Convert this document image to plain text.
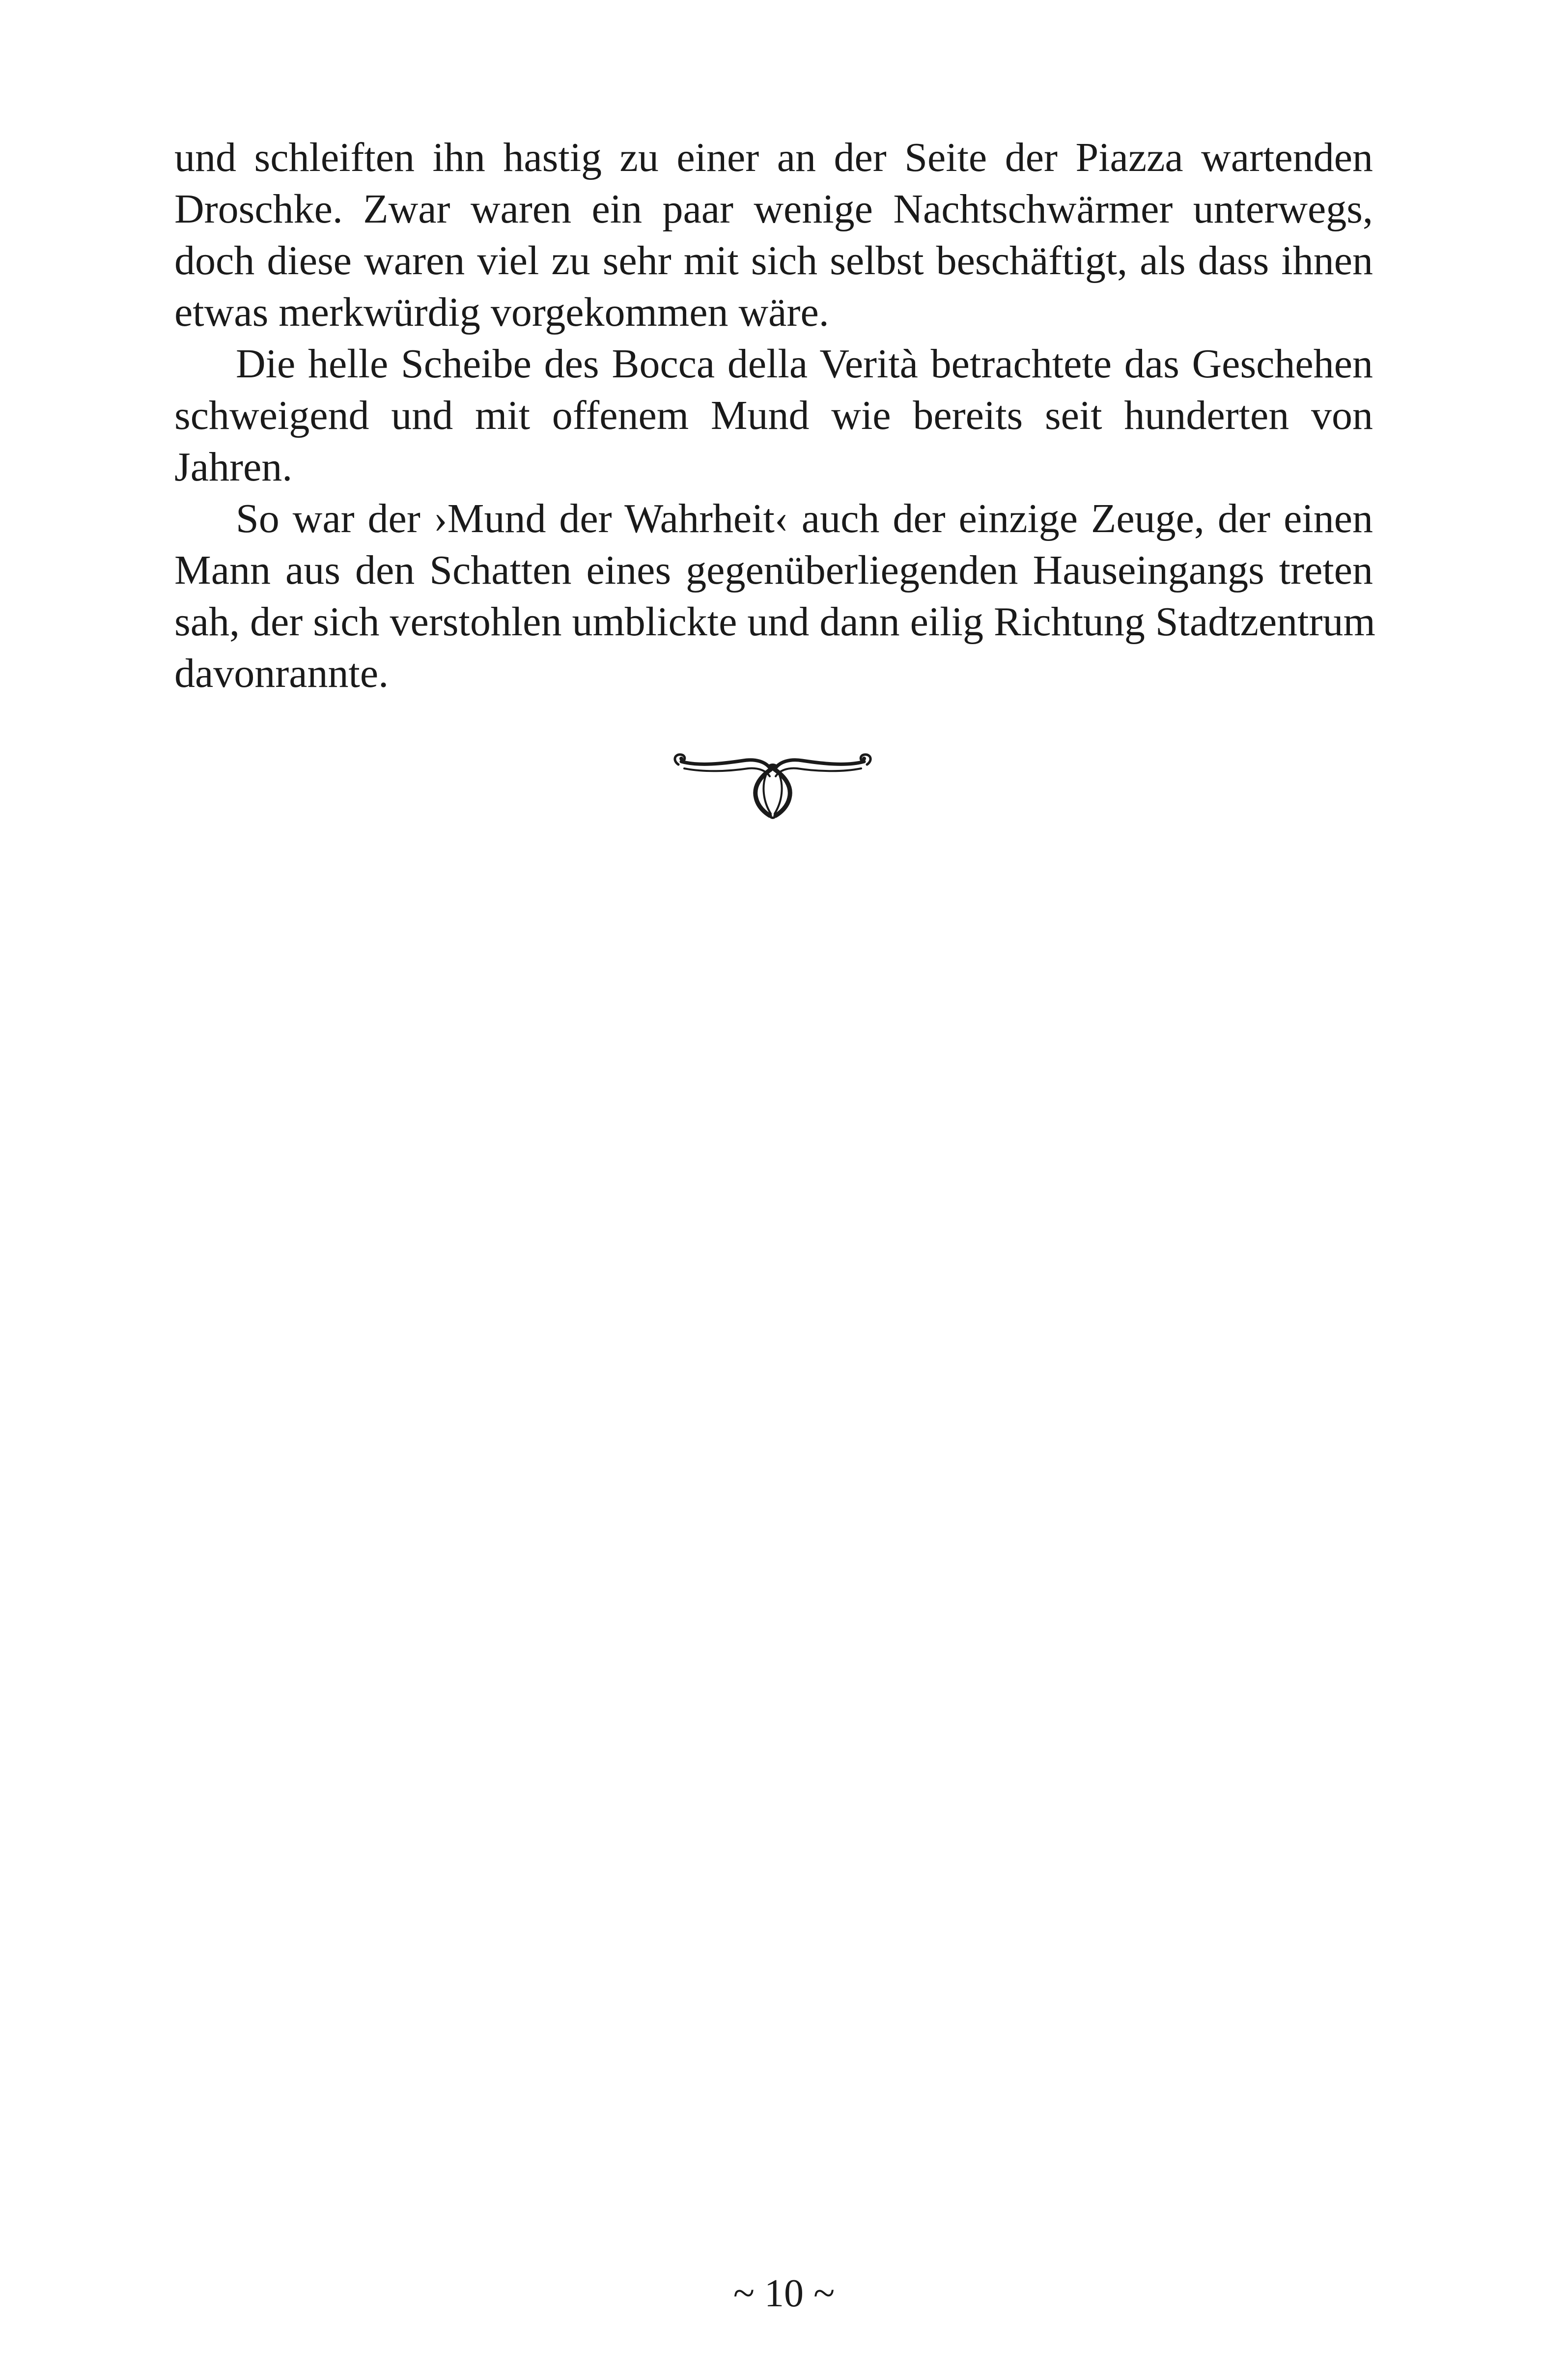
und schleiften ihn hastig zu einer an der Seite der Piazza wartenden
Droschke. Zwar waren ein paar wenige Nachtschwärmer unterwegs,
doch diese waren viel zu sehr mit sich selbst beschäftigt, als dass ihnen
etwas merkwürdig vorgekommen wäre.
Die helle Scheibe des Bocca della Verità betrachtete das Geschehen
schweigend und mit offenem Mund wie bereits seit hunderten von
Jahren.
So war der ›Mund der Wahrheit‹ auch der einzige Zeuge, der einen
Mann aus den Schatten eines gegenüberliegenden Hauseingangs treten
sah, der sich verstohlen umblickte und dann eilig Richtung Stadtzentrum
davonrannte.
~ 10 ~
